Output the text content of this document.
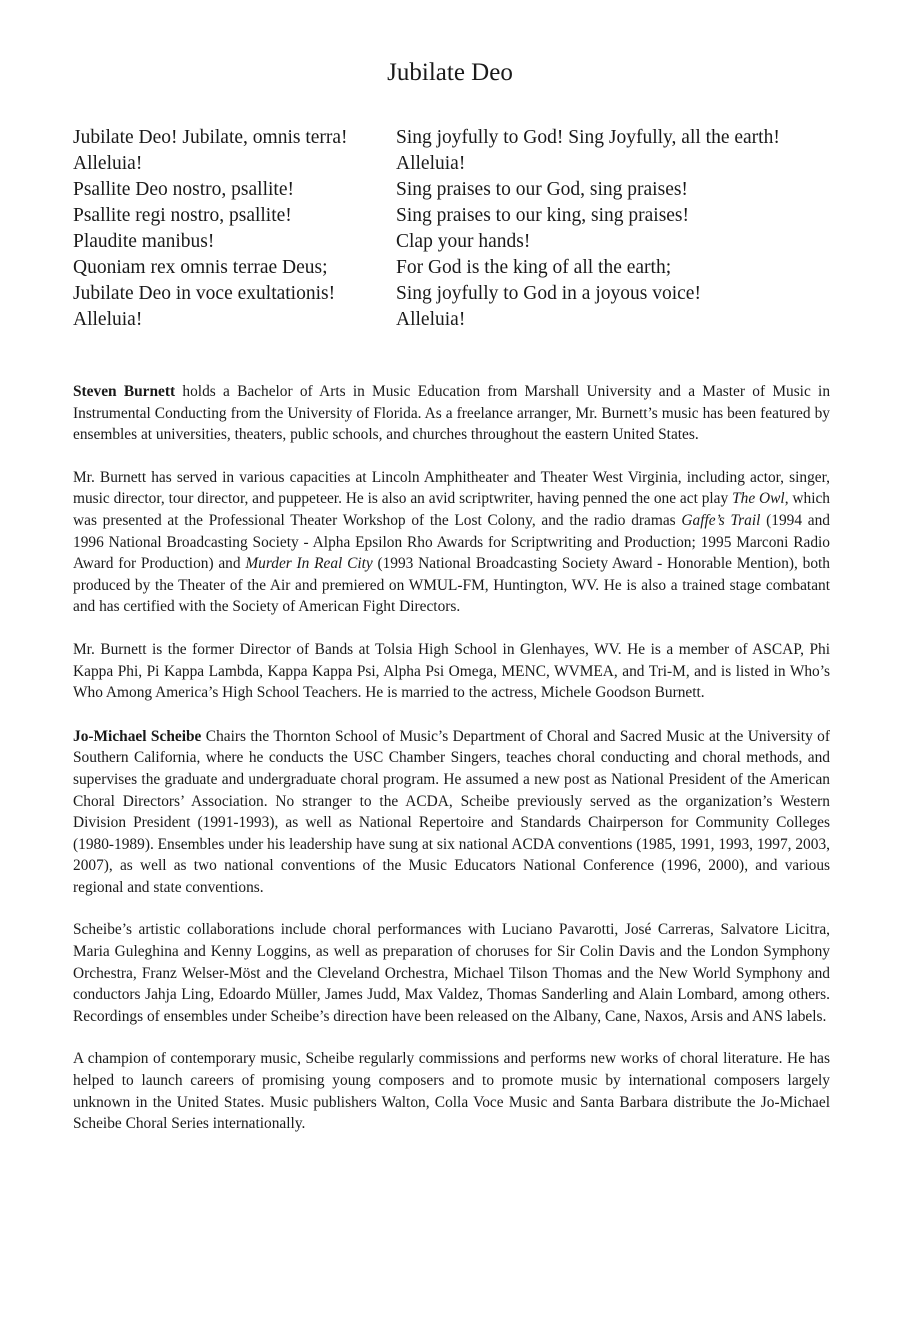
Jubilate Deo
Jubilate Deo! Jubilate, omnis terra!	Sing joyfully to God! Sing Joyfully, all the earth!
Alleluia!	Alleluia!
Psallite Deo nostro, psallite!	Sing praises to our God, sing praises!
Psallite regi nostro, psallite!	Sing praises to our king, sing praises!
Plaudite manibus!	Clap your hands!
Quoniam rex omnis terrae Deus;	For God is the king of all the earth;
Jubilate Deo in voce exultationis!	Sing joyfully to God in a joyous voice!
Alleluia!	Alleluia!

Steven Burnett holds a Bachelor of Arts in Music Education from Marshall University and a Master of Music in Instrumental Conducting from the University of Florida. As a freelance arranger, Mr. Burnett’s music has been featured by ensembles at universities, theaters, public schools, and churches throughout the eastern United States.

Mr. Burnett has served in various capacities at Lincoln Amphitheater and Theater West Virginia, including actor, singer, music director, tour director, and puppeteer. He is also an avid scriptwriter, having penned the one act play The Owl, which was presented at the Professional Theater Workshop of the Lost Colony, and the radio dramas Gaffe’s Trail (1994 and 1996 National Broadcasting Society - Alpha Epsilon Rho Awards for Scriptwriting and Production; 1995 Marconi Radio Award for Production) and Murder In Real City (1993 National Broadcasting Society Award - Honorable Mention), both produced by the Theater of the Air and premiered on WMUL-FM, Huntington, WV. He is also a trained stage combatant and has certified with the Society of American Fight Directors.

Mr. Burnett is the former Director of Bands at Tolsia High School in Glenhayes, WV. He is a member of ASCAP, Phi Kappa Phi, Pi Kappa Lambda, Kappa Kappa Psi, Alpha Psi Omega, MENC, WVMEA, and Tri-M, and is listed in Who’s Who Among America’s High School Teachers. He is married to the actress, Michele Goodson Burnett.

Jo-Michael Scheibe Chairs the Thornton School of Music’s Department of Choral and Sacred Music at the University of Southern California, where he conducts the USC Chamber Singers, teaches choral conducting and choral methods, and supervises the graduate and undergraduate choral program. He assumed a new post as National President of the American Choral Directors’ Association. No stranger to the ACDA, Scheibe previously served as the organization’s Western Division President (1991-1993), as well as National Repertoire and Standards Chairperson for Community Colleges (1980-1989). Ensembles under his leadership have sung at six national ACDA conventions (1985, 1991, 1993, 1997, 2003, 2007), as well as two national conventions of the Music Educators National Conference (1996, 2000), and various regional and state conventions.

Scheibe’s artistic collaborations include choral performances with Luciano Pavarotti, José Carreras, Salvatore Licitra, Maria Guleghina and Kenny Loggins, as well as preparation of choruses for Sir Colin Davis and the London Symphony Orchestra, Franz Welser-Möst and the Cleveland Orchestra, Michael Tilson Thomas and the New World Symphony and conductors Jahja Ling, Edoardo Müller, James Judd, Max Valdez, Thomas Sanderling and Alain Lombard, among others. Recordings of ensembles under Scheibe’s direction have been released on the Albany, Cane, Naxos, Arsis and ANS labels.

A champion of contemporary music, Scheibe regularly commissions and performs new works of choral literature. He has helped to launch careers of promising young composers and to promote music by international composers largely unknown in the United States. Music publishers Walton, Colla Voce Music and Santa Barbara distribute the Jo-Michael Scheibe Choral Series internationally.
